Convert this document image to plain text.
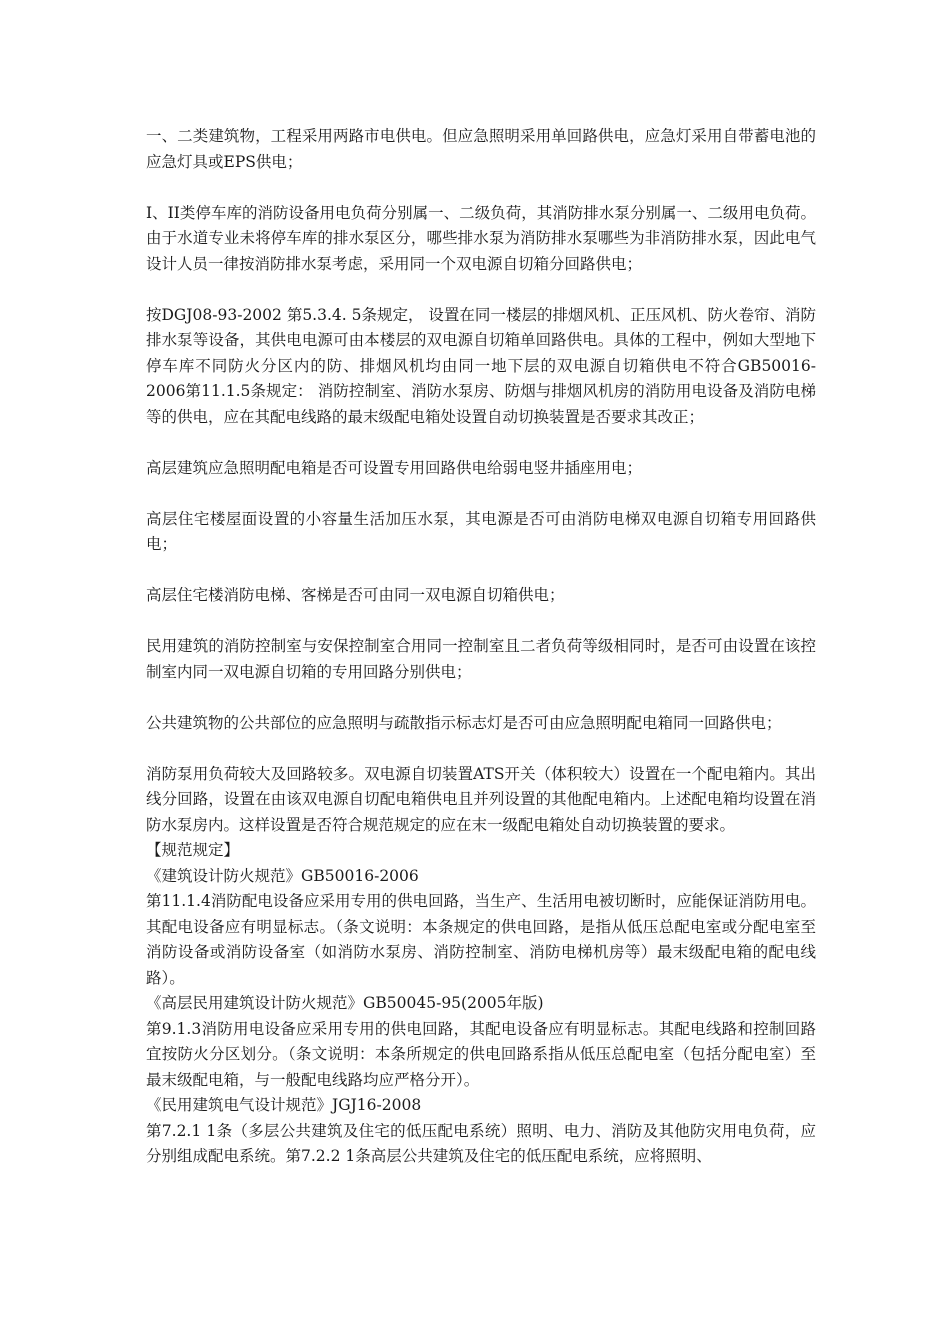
一、二类建筑物，工程采用两路市电供电。但应急照明采用单回路供电，应急灯采用自带蓄电池的应急灯具或EPS供电；

I、II类停车库的消防设备用电负荷分别属一、二级负荷，其消防排水泵分别属一、二级用电负荷。由于水道专业未将停车库的排水泵区分，哪些排水泵为消防排水泵哪些为非消防排水泵，因此电气设计人员一律按消防排水泵考虑，采用同一个双电源自切箱分回路供电；

按DGJ08-93-2002 第5.3.4. 5条规定， 设置在同一楼层的排烟风机、正压风机、防火卷帘、消防排水泵等设备，其供电电源可由本楼层的双电源自切箱单回路供电。具体的工程中，例如大型地下停车库不同防火分区内的防、排烟风机均由同一地下层的双电源自切箱供电不符合GB50016-2006第11.1.5条规定： 消防控制室、消防水泵房、防烟与排烟风机房的消防用电设备及消防电梯等的供电，应在其配电线路的最末级配电箱处设置自动切换装置是否要求其改正；

高层建筑应急照明配电箱是否可设置专用回路供电给弱电竖井插座用电；

高层住宅楼屋面设置的小容量生活加压水泵，其电源是否可由消防电梯双电源自切箱专用回路供电；

高层住宅楼消防电梯、客梯是否可由同一双电源自切箱供电；

民用建筑的消防控制室与安保控制室合用同一控制室且二者负荷等级相同时，是否可由设置在该控制室内同一双电源自切箱的专用回路分别供电；

公共建筑物的公共部位的应急照明与疏散指示标志灯是否可由应急照明配电箱同一回路供电；

消防泵用负荷较大及回路较多。双电源自切装置ATS开关（体积较大）设置在一个配电箱内。其出线分回路，设置在由该双电源自切配电箱供电且并列设置的其他配电箱内。上述配电箱均设置在消防水泵房内。这样设置是否符合规范规定的应在末一级配电箱处自动切换装置的要求。

【规范规定】

《建筑设计防火规范》GB50016-2006

第11.1.4消防配电设备应采用专用的供电回路，当生产、生活用电被切断时，应能保证消防用电。其配电设备应有明显标志。（条文说明：本条规定的供电回路，是指从低压总配电室或分配电室至消防设备或消防设备室（如消防水泵房、消防控制室、消防电梯机房等）最末级配电箱的配电线路）。

《高层民用建筑设计防火规范》GB50045-95(2005年版)

第9.1.3消防用电设备应采用专用的供电回路，其配电设备应有明显标志。其配电线路和控制回路宜按防火分区划分。（条文说明：本条所规定的供电回路系指从低压总配电室（包括分配电室）至最末级配电箱，与一般配电线路均应严格分开）。

《民用建筑电气设计规范》JGJ16-2008

第7.2.1 1条（多层公共建筑及住宅的低压配电系统）照明、电力、消防及其他防灾用电负荷，应分别组成配电系统。第7.2.2 1条高层公共建筑及住宅的低压配电系统，应将照明、
